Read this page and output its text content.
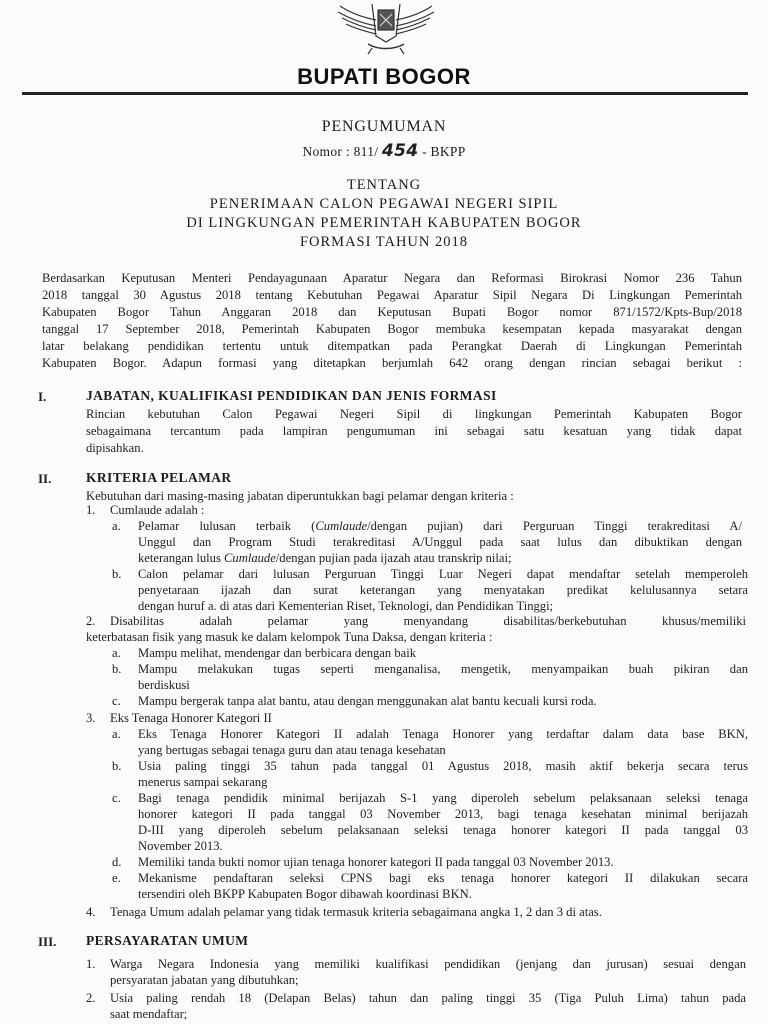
BUPATI BOGOR
PENGUMUMAN
Nomor : 811/ 454 - BKPP
TENTANG
PENERIMAAN CALON PEGAWAI NEGERI SIPIL
DI LINGKUNGAN PEMERINTAH KABUPATEN BOGOR
FORMASI TAHUN 2018
Berdasarkan Keputusan Menteri Pendayagunaan Aparatur Negara dan Reformasi Birokrasi Nomor 236 Tahun
2018 tanggal 30 Agustus 2018 tentang Kebutuhan Pegawai Aparatur Sipil Negara Di Lingkungan Pemerintah
Kabupaten Bogor Tahun Anggaran 2018 dan Keputusan Bupati Bogor nomor 871/1572/Kpts-Bup/2018
tanggal 17 September 2018, Pemerintah Kabupaten Bogor membuka kesempatan kepada masyarakat dengan
latar belakang pendidikan tertentu untuk ditempatkan pada Perangkat Daerah di Lingkungan Pemerintah
Kabupaten Bogor. Adapun formasi yang ditetapkan berjumlah 642 orang dengan rincian sebagai berikut :
I.	JABATAN, KUALIFIKASI PENDIDIKAN DAN JENIS FORMASI
Rincian kebutuhan Calon Pegawai Negeri Sipil di lingkungan Pemerintah Kabupaten Bogor
sebagaimana tercantum pada lampiran pengumuman ini sebagai satu kesatuan yang tidak dapat
dipisahkan.
II.	KRITERIA PELAMAR
Kebutuhan dari masing-masing jabatan diperuntukkan bagi pelamar dengan kriteria :
1. Cumlaude adalah :
a. Pelamar lulusan terbaik (Cumlaude/dengan pujian) dari Perguruan Tinggi terakreditasi A/
Unggul dan Program Studi terakreditasi A/Unggul pada saat lulus dan dibuktikan dengan
keterangan lulus Cumlaude/dengan pujian pada ijazah atau transkrip nilai;
b. Calon pelamar dari lulusan Perguruan Tinggi Luar Negeri dapat mendaftar setelah memperoleh
penyetaraan ijazah dan surat keterangan yang menyatakan predikat kelulusannya setara
dengan huruf a. di atas dari Kementerian Riset, Teknologi, dan Pendidikan Tinggi;
2. Disabilitas adalah pelamar yang menyandang disabilitas/berkebutuhan khusus/memiliki
keterbatasan fisik yang masuk ke dalam kelompok Tuna Daksa, dengan kriteria :
a. Mampu melihat, mendengar dan berbicara dengan baik
b. Mampu melakukan tugas seperti menganalisa, mengetik, menyampaikan buah pikiran dan
berdiskusi
c. Mampu bergerak tanpa alat bantu, atau dengan menggunakan alat bantu kecuali kursi roda.
3. Eks Tenaga Honorer Kategori II
a. Eks Tenaga Honorer Kategori II adalah Tenaga Honorer yang terdaftar dalam data base BKN,
yang bertugas sebagai tenaga guru dan atau tenaga kesehatan
b. Usia paling tinggi 35 tahun pada tanggal 01 Agustus 2018, masih aktif bekerja secara terus
menerus sampai sekarang
c. Bagi tenaga pendidik minimal berijazah S-1 yang diperoleh sebelum pelaksanaan seleksi tenaga
honorer kategori II pada tanggal 03 November 2013, bagi tenaga kesehatan minimal berijazah
D-III yang diperoleh sebelum pelaksanaan seleksi tenaga honorer kategori II pada tanggal 03
November 2013.
d. Memiliki tanda bukti nomor ujian tenaga honorer kategori II pada tanggal 03 November 2013.
e. Mekanisme pendaftaran seleksi CPNS bagi eks tenaga honorer kategori II dilakukan secara
tersendiri oleh BKPP Kabupaten Bogor dibawah koordinasi BKN.
4. Tenaga Umum adalah pelamar yang tidak termasuk kriteria sebagaimana angka 1, 2 dan 3 di atas.
III. PERSAYARATAN UMUM
1. Warga Negara Indonesia yang memiliki kualifikasi pendidikan (jenjang dan jurusan) sesuai dengan
persyaratan jabatan yang dibutuhkan;
2. Usia paling rendah 18 (Delapan Belas) tahun dan paling tinggi 35 (Tiga Puluh Lima) tahun pada
saat mendaftar;
